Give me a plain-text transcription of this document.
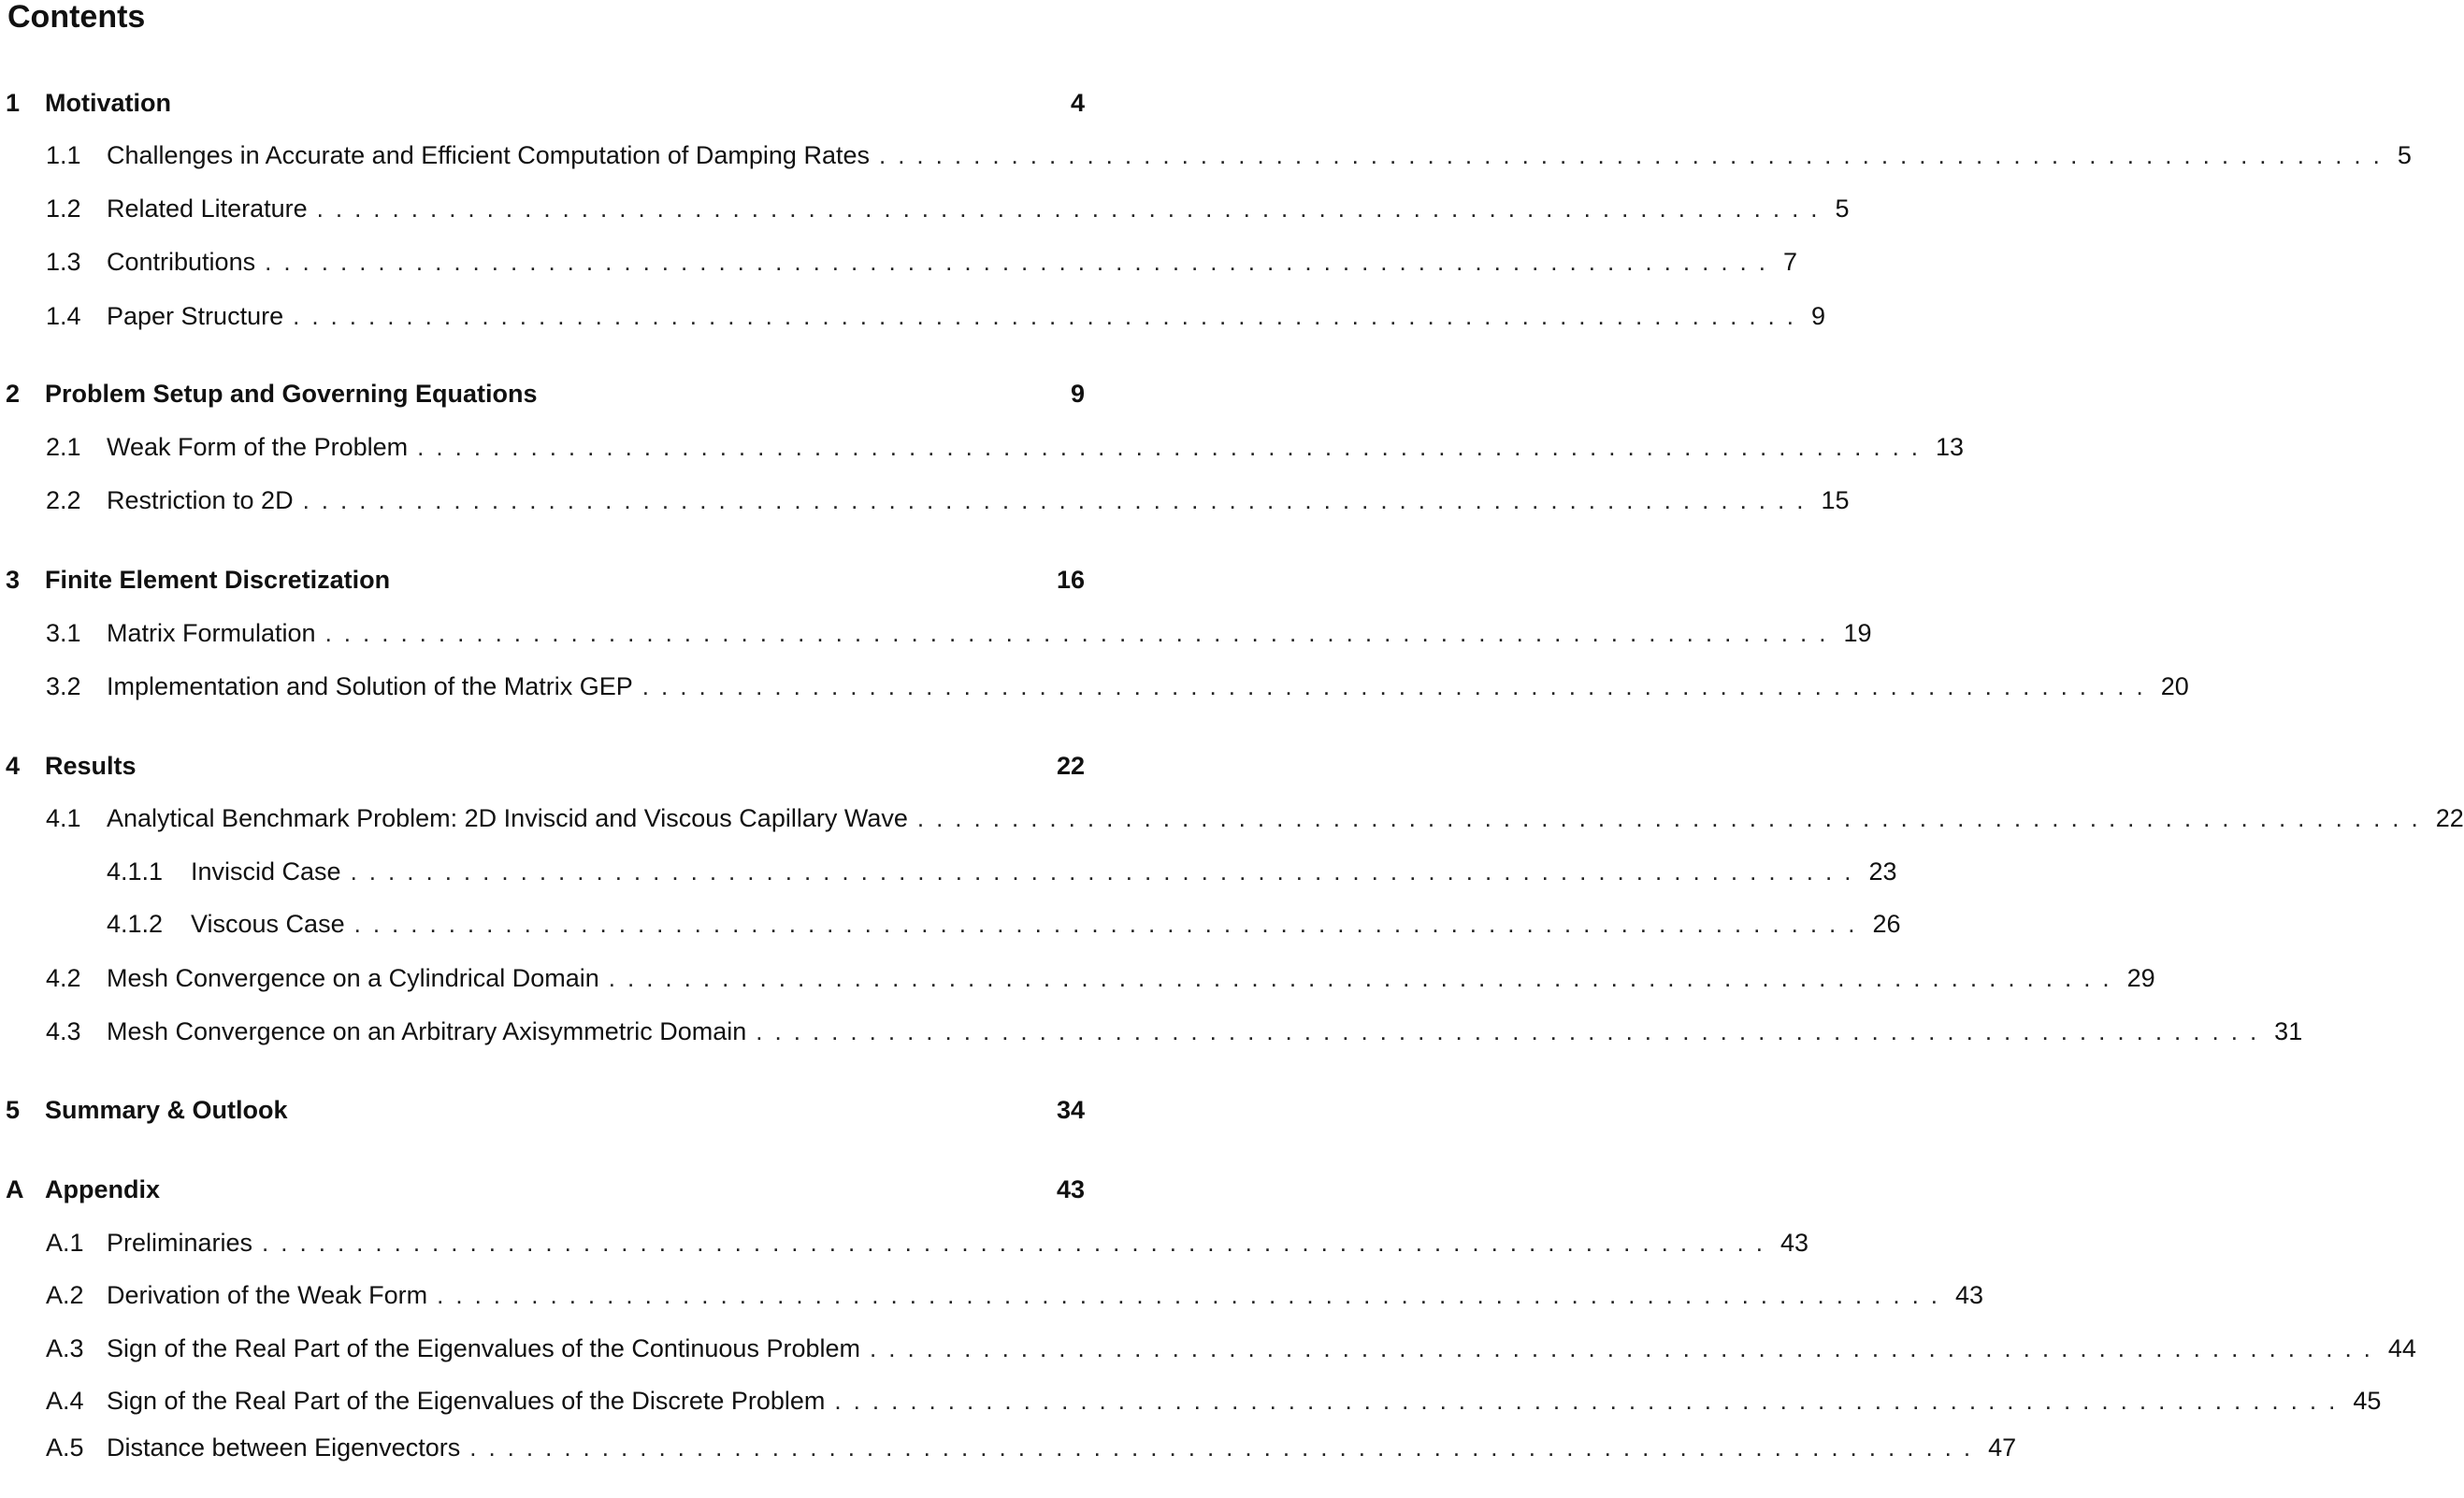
Contents
1 Motivation	4
1.1	Challenges in Accurate and Efficient Computation of Damping Rates ................................................................................ 5
1.2	Related Literature ................................................................................ 5
1.3	Contributions ................................................................................ 7
1.4	Paper Structure ................................................................................ 9
2 Problem Setup and Governing Equations	9
2.1	Weak Form of the Problem ................................................................................ 13
2.2	Restriction to 2D ................................................................................ 15
3 Finite Element Discretization	16
3.1	Matrix Formulation ................................................................................ 19
3.2	Implementation and Solution of the Matrix GEP ................................................................................ 20
4 Results	22
4.1	Analytical Benchmark Problem: 2D Inviscid and Viscous Capillary Wave ................................................................................ 22
4.1.1	Inviscid Case ................................................................................ 23
4.1.2	Viscous Case ................................................................................ 26
4.2	Mesh Convergence on a Cylindrical Domain ................................................................................ 29
4.3	Mesh Convergence on an Arbitrary Axisymmetric Domain ................................................................................ 31
5 Summary & Outlook	34
A Appendix	43
A.1 Preliminaries ................................................................................ 43
A.2 Derivation of the Weak Form ................................................................................ 43
A.3 Sign of the Real Part of the Eigenvalues of the Continuous Problem ................................................................................ 44
A.4 Sign of the Real Part of the Eigenvalues of the Discrete Problem ................................................................................ 45
A.5 Distance between Eigenvectors ................................................................................ 47
